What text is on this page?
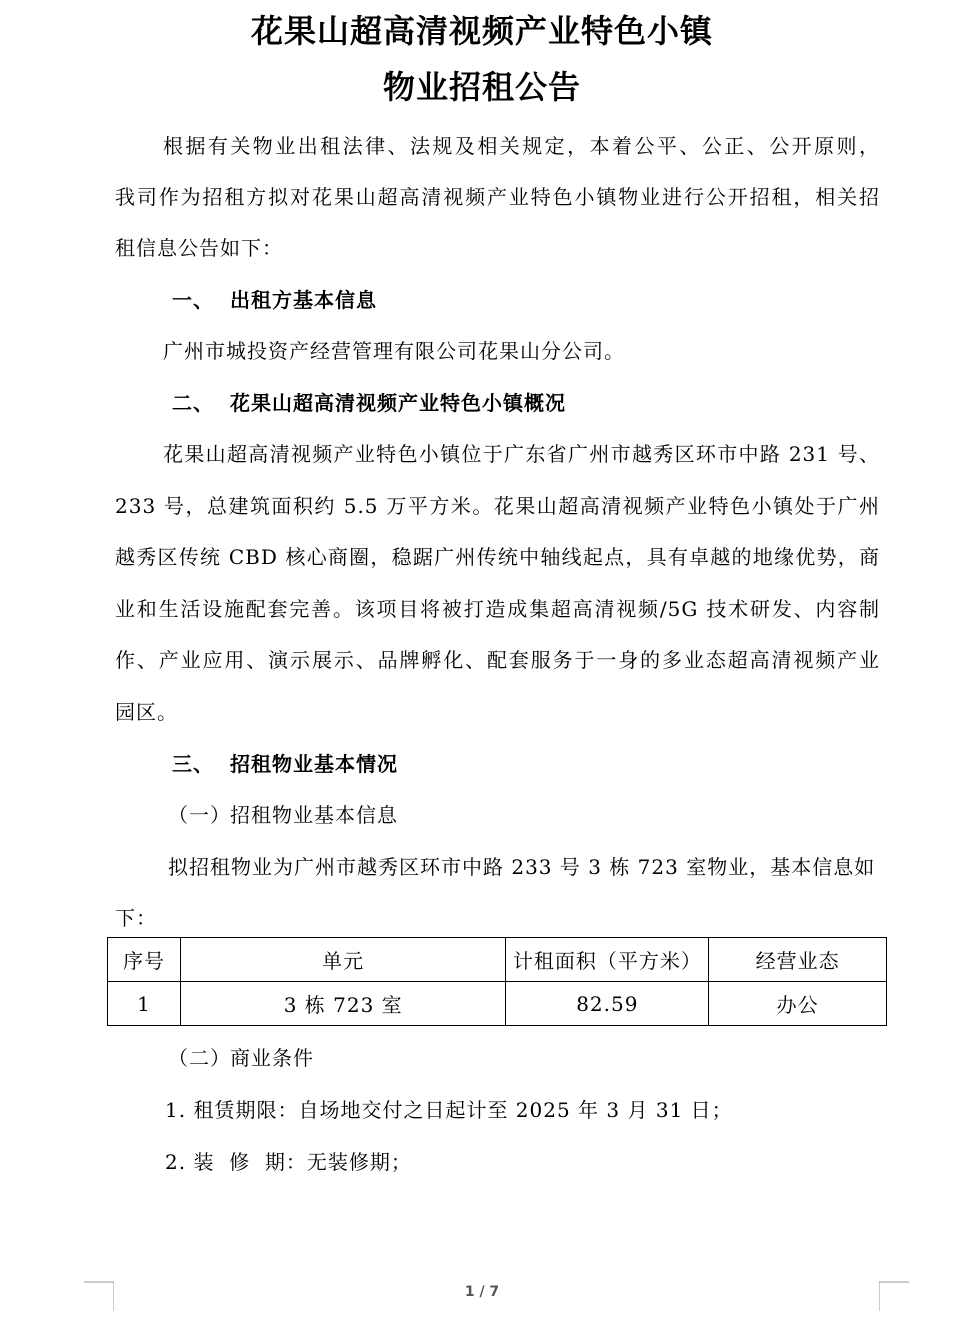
花果山超高清视频产业特色小镇
物业招租公告
根据有关物业出租法律、法规及相关规定，本着公平、公正、公开原则，
我司作为招租方拟对花果山超高清视频产业特色小镇物业进行公开招租，相关招
租信息公告如下：
一、 出租方基本信息
广州市城投资产经营管理有限公司花果山分公司。
二、 花果山超高清视频产业特色小镇概况
花果山超高清视频产业特色小镇位于广东省广州市越秀区环市中路 231 号、
233 号，总建筑面积约 5.5 万平方米。花果山超高清视频产业特色小镇处于广州
越秀区传统 CBD 核心商圈，稳踞广州传统中轴线起点，具有卓越的地缘优势，商
业和生活设施配套完善。该项目将被打造成集超高清视频/5G 技术研发、内容制
作、产业应用、演示展示、品牌孵化、配套服务于一身的多业态超高清视频产业
园区。
三、 招租物业基本情况
（一）招租物业基本信息
拟招租物业为广州市越秀区环市中路 233 号 3 栋 723 室物业，基本信息如
下：
序号	单元	计租面积（平方米）	经营业态
1	3 栋 723 室	82.59	办公
（二）商业条件
1. 租赁期限：自场地交付之日起计至 2025 年 3 月 31 日；
2. 装  修  期：无装修期；
1 / 7
